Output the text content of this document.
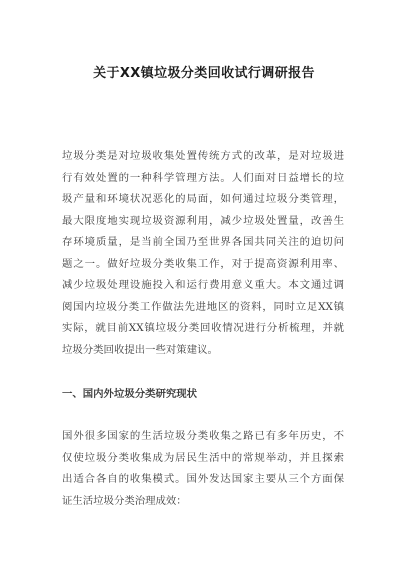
关于XX镇垃圾分类回收试行调研报告
垃圾分类是对垃圾收集处置传统方式的改革，是对垃圾进
行有效处置的一种科学管理方法。人们面对日益增长的垃
圾产量和环境状况恶化的局面，如何通过垃圾分类管理，
最大限度地实现垃圾资源利用，减少垃圾处置量，改善生
存环境质量，是当前全国乃至世界各国共同关注的迫切问
题之一。做好垃圾分类收集工作，对于提高资源利用率、
减少垃圾处理设施投入和运行费用意义重大。本文通过调
阅国内垃圾分类工作做法先进地区的资料，同时立足XX镇
实际，就目前XX镇垃圾分类回收情况进行分析梳理，并就
垃圾分类回收提出一些对策建议。
一、国内外垃圾分类研究现状
国外很多国家的生活垃圾分类收集之路已有多年历史，不
仅使垃圾分类收集成为居民生活中的常规举动，并且探索
出适合各自的收集模式。国外发达国家主要从三个方面保
证生活垃圾分类治理成效：
